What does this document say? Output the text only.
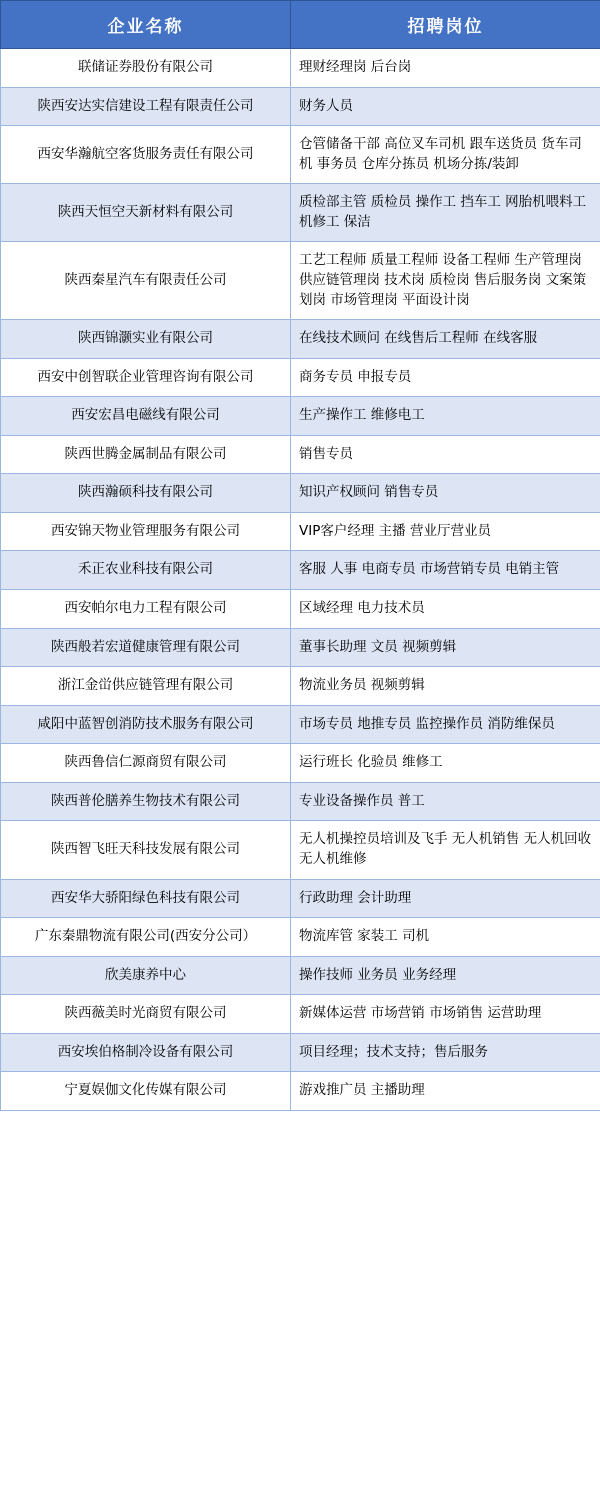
企业名称	招聘岗位
联储证券股份有限公司	理财经理岗 后台岗
陕西安达实信建设工程有限责任公司	财务人员
西安华瀚航空客货服务责任有限公司	仓管储备干部 高位叉车司机 跟车送货员 货车司机 事务员 仓库分拣员 机场分拣/装卸
陕西天恒空天新材料有限公司	质检部主管 质检员 操作工 挡车工 网胎机喂料工 机修工 保洁
陕西秦星汽车有限责任公司	工艺工程师 质量工程师 设备工程师 生产管理岗 供应链管理岗 技术岗 质检岗 售后服务岗 文案策划岗 市场管理岗 平面设计岗
陕西锦灏实业有限公司	在线技术顾问 在线售后工程师 在线客服
西安中创智联企业管理咨询有限公司	商务专员 申报专员
西安宏昌电磁线有限公司	生产操作工 维修电工
陕西世腾金属制品有限公司	销售专员
陕西瀚硕科技有限公司	知识产权顾问 销售专员
西安锦天物业管理服务有限公司	VIP客户经理 主播 营业厅营业员
禾正农业科技有限公司	客服 人事 电商专员 市场营销专员 电销主管
西安帕尔电力工程有限公司	区域经理 电力技术员
陕西般若宏道健康管理有限公司	董事长助理 文员 视频剪辑
浙江金峃供应链管理有限公司	物流业务员 视频剪辑
咸阳中蓝智创消防技术服务有限公司	市场专员 地推专员 监控操作员 消防维保员
陕西鲁信仁源商贸有限公司	运行班长 化验员 维修工
陕西普伦膳养生物技术有限公司	专业设备操作员 普工
陕西智飞旺天科技发展有限公司	无人机操控员培训及飞手 无人机销售 无人机回收 无人机维修
西安华大骄阳绿色科技有限公司	行政助理 会计助理
广东秦鼎物流有限公司(西安分公司）	物流库管 家装工 司机
欣美康养中心	操作技师 业务员 业务经理
陕西薇美时光商贸有限公司	新媒体运营 市场营销 市场销售 运营助理
西安埃伯格制冷设备有限公司	项目经理；技术支持；售后服务
宁夏娱伽文化传媒有限公司	游戏推广员 主播助理
